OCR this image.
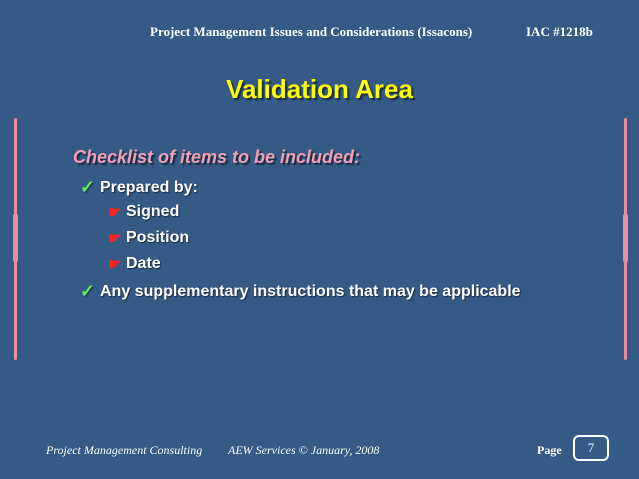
Project Management Issues and Considerations (Issacons)	IAC #1218b
Validation Area
Checklist of items to be included:
✓ Prepared by:
☛ Signed
☛ Position
☛ Date
✓ Any supplementary instructions that may be applicable
Project Management Consulting AEW Services © January, 2008	Page 7
